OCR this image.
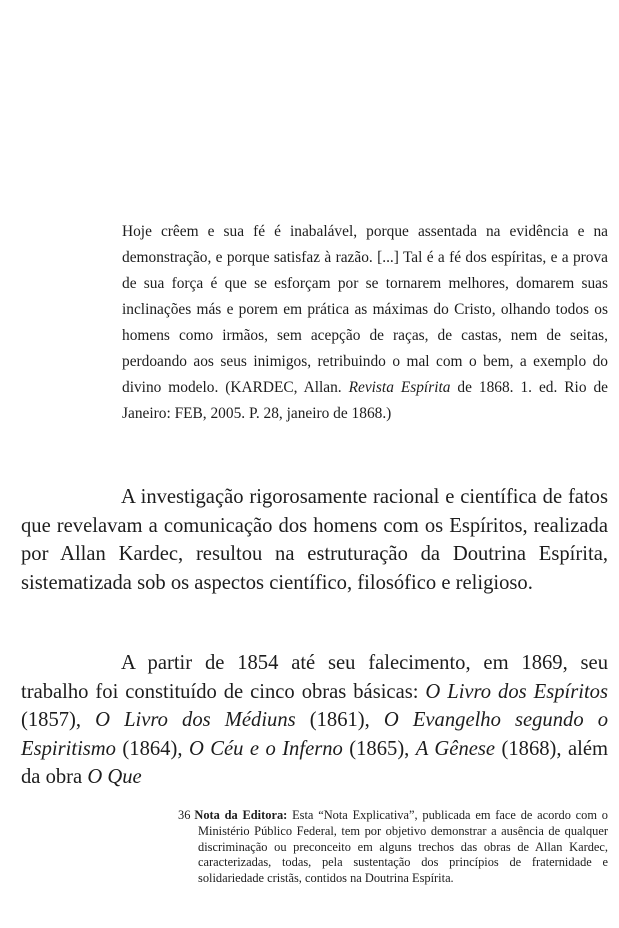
Hoje crêem e sua fé é inabalável, porque assentada na evidência e na demonstração, e porque satisfaz à razão. [...] Tal é a fé dos espíritas, e a prova de sua força é que se esforçam por se tornarem melhores, domarem suas inclinações más e porem em prática as máximas do Cristo, olhando todos os homens como irmãos, sem acepção de raças, de castas, nem de seitas, perdoando aos seus inimigos, retribuindo o mal com o bem, a exemplo do divino modelo. (KARDEC, Allan. Revista Espírita de 1868. 1. ed. Rio de Janeiro: FEB, 2005. P. 28, janeiro de 1868.)

A investigação rigorosamente racional e científica de fatos que revelavam a comunicação dos homens com os Espíritos, realizada por Allan Kardec, resultou na estruturação da Doutrina Espírita, sistematizada sob os aspectos científico, filosófico e religioso.

A partir de 1854 até seu falecimento, em 1869, seu trabalho foi constituído de cinco obras básicas: O Livro dos Espíritos (1857), O Livro dos Médiuns (1861), O Evangelho segundo o Espiritismo (1864), O Céu e o Inferno (1865), A Gênese (1868), além da obra O Que

36 Nota da Editora: Esta “Nota Explicativa”, publicada em face de acordo com o Ministério Público Federal, tem por objetivo demonstrar a ausência de qualquer discriminação ou preconceito em alguns trechos das obras de Allan Kardec, caracterizadas, todas, pela sustentação dos princípios de fraternidade e solidariedade cristãs, contidos na Doutrina Espírita.
